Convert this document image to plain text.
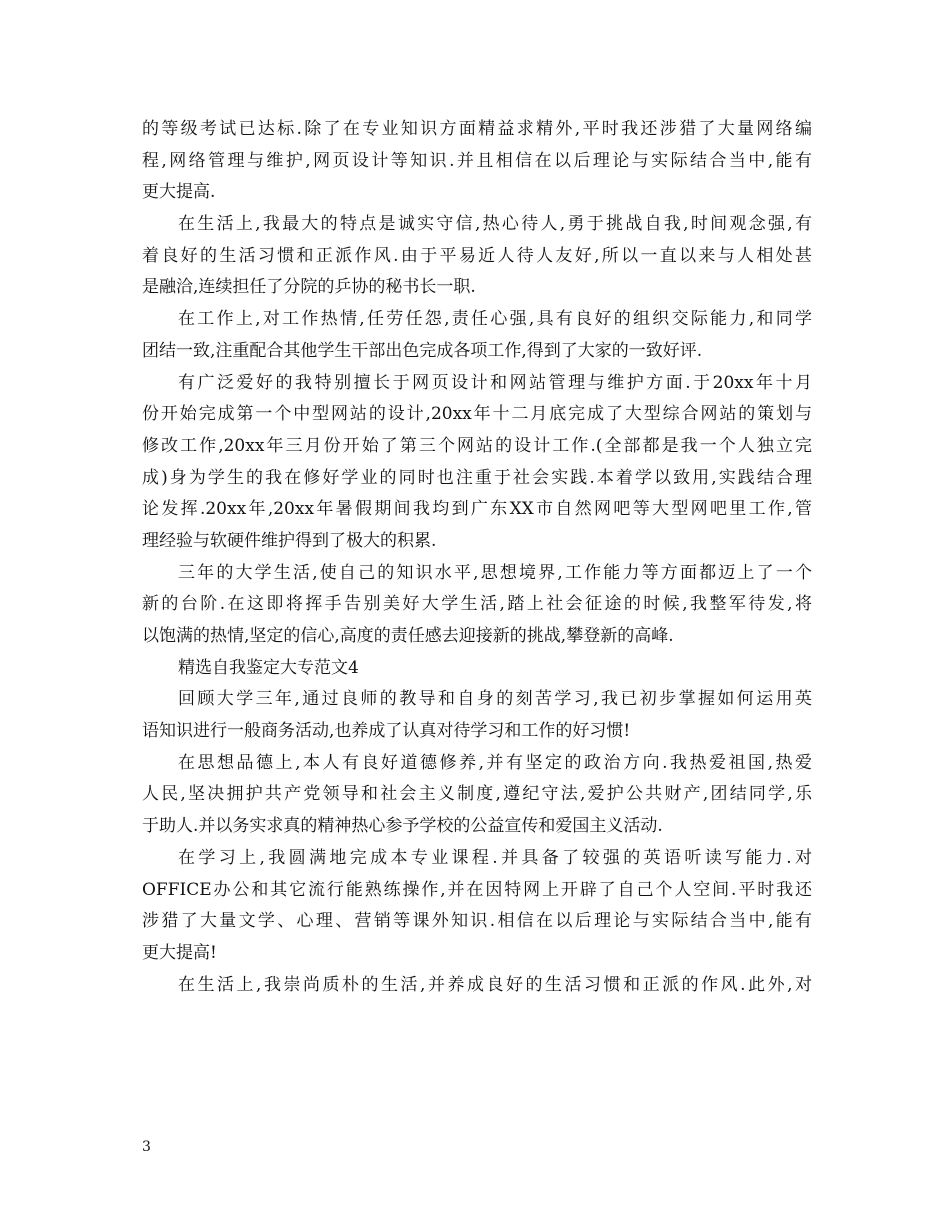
的等级考试已达标.除了在专业知识方面精益求精外,平时我还涉猎了大量网络编
程,网络管理与维护,网页设计等知识.并且相信在以后理论与实际结合当中,能有
更大提高.
在生活上,我最大的特点是诚实守信,热心待人,勇于挑战自我,时间观念强,有
着良好的生活习惯和正派作风.由于平易近人待人友好,所以一直以来与人相处甚
是融洽,连续担任了分院的乒协的秘书长一职.
在工作上,对工作热情,任劳任怨,责任心强,具有良好的组织交际能力,和同学
团结一致,注重配合其他学生干部出色完成各项工作,得到了大家的一致好评.
有广泛爱好的我特别擅长于网页设计和网站管理与维护方面.于20xx年十月
份开始完成第一个中型网站的设计,20xx年十二月底完成了大型综合网站的策划与
修改工作,20xx年三月份开始了第三个网站的设计工作.(全部都是我一个人独立完
成)身为学生的我在修好学业的同时也注重于社会实践.本着学以致用,实践结合理
论发挥.20xx年,20xx年暑假期间我均到广东XX市自然网吧等大型网吧里工作,管
理经验与软硬件维护得到了极大的积累.
三年的大学生活,使自己的知识水平,思想境界,工作能力等方面都迈上了一个
新的台阶.在这即将挥手告别美好大学生活,踏上社会征途的时候,我整军待发,将
以饱满的热情,坚定的信心,高度的责任感去迎接新的挑战,攀登新的高峰.
精选自我鉴定大专范文4
回顾大学三年,通过良师的教导和自身的刻苦学习,我已初步掌握如何运用英
语知识进行一般商务活动,也养成了认真对待学习和工作的好习惯!
在思想品德上,本人有良好道德修养,并有坚定的政治方向.我热爱祖国,热爱
人民,坚决拥护共产党领导和社会主义制度,遵纪守法,爱护公共财产,团结同学,乐
于助人.并以务实求真的精神热心参予学校的公益宣传和爱国主义活动.
在学习上,我圆满地完成本专业课程.并具备了较强的英语听读写能力.对
OFFICE办公和其它流行能熟练操作,并在因特网上开辟了自己个人空间.平时我还
涉猎了大量文学、心理、营销等课外知识.相信在以后理论与实际结合当中,能有
更大提高!
在生活上,我崇尚质朴的生活,并养成良好的生活习惯和正派的作风.此外,对
3
